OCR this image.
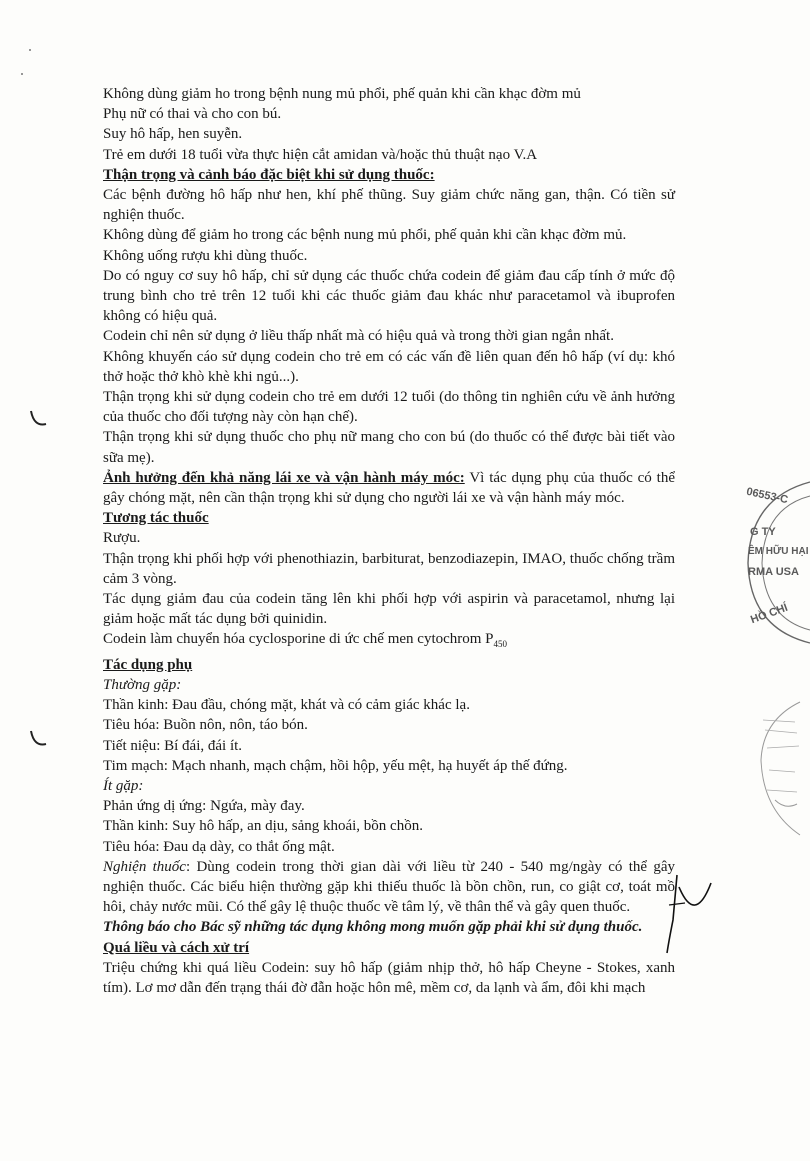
Không dùng giảm ho trong bệnh nung mủ phổi, phế quản khi cần khạc đờm mủ

Phụ nữ có thai và cho con bú.

Suy hô hấp, hen suyễn.

Trẻ em dưới 18 tuổi vừa thực hiện cắt amidan và/hoặc thủ thuật nạo V.A

Thận trọng và cảnh báo đặc biệt khi sử dụng thuốc:

Các bệnh đường hô hấp như hen, khí phế thũng. Suy giảm chức năng gan, thận. Có tiền sử nghiện thuốc.

Không dùng để giảm ho trong các bệnh nung mủ phổi, phế quản khi cần khạc đờm mủ.

Không uống rượu khi dùng thuốc.

Do có nguy cơ suy hô hấp, chỉ sử dụng các thuốc chứa codein để giảm đau cấp tính ở mức độ trung bình cho trẻ trên 12 tuổi khi các thuốc giảm đau khác như paracetamol và ibuprofen không có hiệu quả.

Codein chỉ nên sử dụng ở liều thấp nhất mà có hiệu quả và trong thời gian ngắn nhất.

Không khuyến cáo sử dụng codein cho trẻ em có các vấn đề liên quan đến hô hấp (ví dụ: khó thở hoặc thở khò khè khi ngủ...).

Thận trọng khi sử dụng codein cho trẻ em dưới 12 tuổi (do thông tin nghiên cứu về ảnh hưởng của thuốc cho đối tượng này còn hạn chế).

Thận trọng khi sử dụng thuốc cho phụ nữ mang cho con bú (do thuốc có thể được bài tiết vào sữa mẹ).

Ảnh hưởng đến khả năng lái xe và vận hành máy móc: Vì tác dụng phụ của thuốc có thể gây chóng mặt, nên cần thận trọng khi sử dụng cho người lái xe và vận hành máy móc.

Tương tác thuốc

Rượu.

Thận trọng khi phối hợp với phenothiazin, barbiturat, benzodiazepin, IMAO, thuốc chống trầm cảm 3 vòng.

Tác dụng giảm đau của codein tăng lên khi phối hợp với aspirin và paracetamol, nhưng lại giảm hoặc mất tác dụng bởi quinidin.

Codein làm chuyển hóa cyclosporine di ức chế men cytochrom $P_{450}$

Tác dụng phụ

Thường gặp:

Thần kinh: Đau đầu, chóng mặt, khát và có cảm giác khác lạ.

Tiêu hóa: Buồn nôn, nôn, táo bón.

Tiết niệu: Bí đái, đái ít.

Tim mạch: Mạch nhanh, mạch chậm, hồi hộp, yếu mệt, hạ huyết áp thế đứng.

Ít gặp:

Phản ứng dị ứng: Ngứa, mày đay.

Thần kinh: Suy hô hấp, an dịu, sảng khoái, bồn chồn.

Tiêu hóa: Đau dạ dày, co thắt ống mật.

Nghiện thuốc: Dùng codein trong thời gian dài với liều từ 240 - 540 mg/ngày có thể gây nghiện thuốc. Các biểu hiện thường gặp khi thiếu thuốc là bồn chồn, run, co giật cơ, toát mồ hôi, chảy nước mũi. Có thể gây lệ thuộc thuốc về tâm lý, về thân thể và gây quen thuốc.

Thông báo cho Bác sỹ những tác dụng không mong muốn gặp phải khi sử dụng thuốc.

Quá liều và cách xử trí

Triệu chứng khi quá liều Codein: suy hô hấp (giảm nhịp thở, hô hấp Cheyne - Stokes, xanh tím). Lơ mơ dẫn đến trạng thái đờ đẫn hoặc hôn mê, mềm cơ, da lạnh và ẩm, đôi khi mạch

06553-C
G TY
ÊM HỮU HẠI
RMA USA
HỒ CHÍ
